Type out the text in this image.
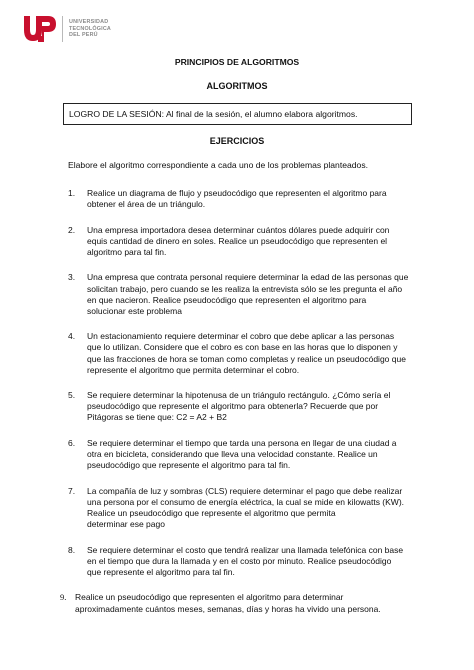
UNIVERSIDAD
TECNOLÓGICA
DEL PERÚ
PRINCIPIOS DE ALGORITMOS
ALGORITMOS
LOGRO DE LA SESIÓN: Al final de la sesión, el alumno elabora algoritmos.
EJERCICIOS
Elabore el algoritmo correspondiente a cada uno de los problemas planteados.
1. Realice un diagrama de flujo y pseudocódigo que representen el algoritmo para
obtener el área de un triángulo.
2. Una empresa importadora desea determinar cuántos dólares puede adquirir con
equis cantidad de dinero en soles. Realice un pseudocódigo que representen el
algoritmo para tal fin.
3. Una empresa que contrata personal requiere determinar la edad de las personas que
solicitan trabajo, pero cuando se les realiza la entrevista sólo se les pregunta el año
en que nacieron. Realice pseudocódigo que representen el algoritmo para
solucionar este problema
4. Un estacionamiento requiere determinar el cobro que debe aplicar a las personas
que lo utilizan. Considere que el cobro es con base en las horas que lo disponen y
que las fracciones de hora se toman como completas y realice un pseudocódigo que
represente el algoritmo que permita determinar el cobro.
5. Se requiere determinar la hipotenusa de un triángulo rectángulo. ¿Cómo sería el
pseudocódigo que represente el algoritmo para obtenerla? Recuerde que por
Pitágoras se tiene que: C2 = A2 + B2
6. Se requiere determinar el tiempo que tarda una persona en llegar de una ciudad a
otra en bicicleta, considerando que lleva una velocidad constante. Realice un
pseudocódigo que represente el algoritmo para tal fin.
7. La compañía de luz y sombras (CLS) requiere determinar el pago que debe realizar
una persona por el consumo de energía eléctrica, la cual se mide en kilowatts (KW).
Realice un pseudocódigo que represente el algoritmo que permita
determinar ese pago
8. Se requiere determinar el costo que tendrá realizar una llamada telefónica con base
en el tiempo que dura la llamada y en el costo por minuto. Realice pseudocódigo
que represente el algoritmo para tal fin.
9. Realice un pseudocódigo que representen el algoritmo para determinar
aproximadamente cuántos meses, semanas, días y horas ha vivido una persona.
